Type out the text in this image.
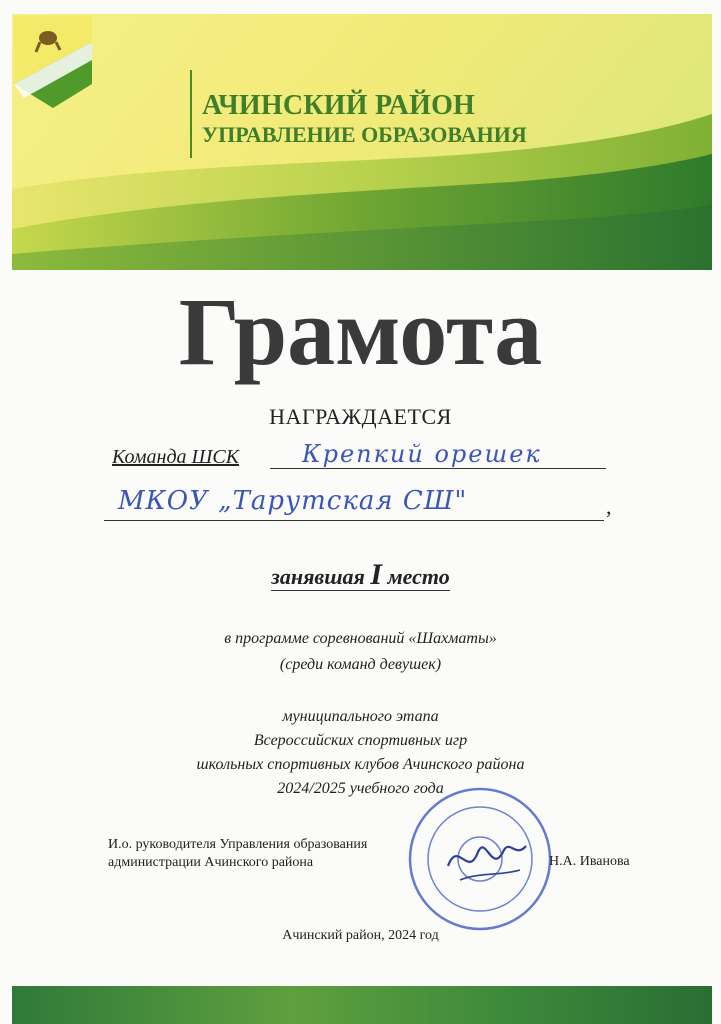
АЧИНСКИЙ РАЙОН
УПРАВЛЕНИЕ ОБРАЗОВАНИЯ
Грамота
НАГРАЖДАЕТСЯ
Команда ШСК	Крепкий орешек
МКОУ „Тарутская СШ"	,
занявшая I место
в программе соревнований «Шахматы»
(среди команд девушек)
муниципального этапа
Всероссийских спортивных игр
школьных спортивных клубов Ачинского района
2024/2025 учебного года
И.о. руководителя Управления образования
администрации Ачинского района	Н.А. Иванова
Ачинский район, 2024 год
